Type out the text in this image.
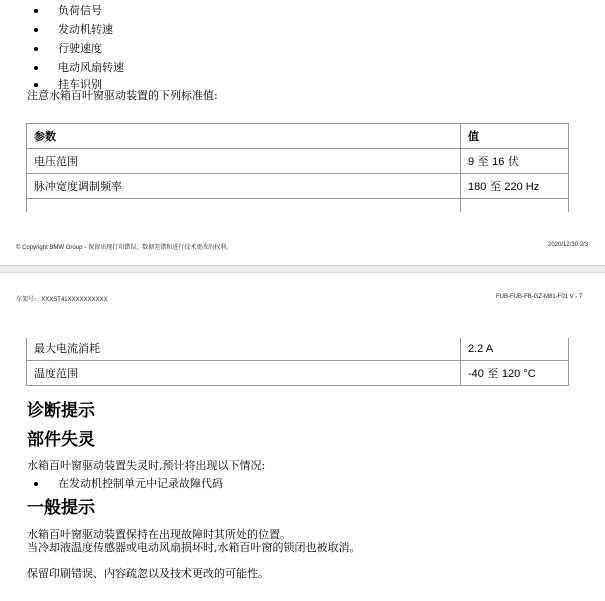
负荷信号
发动机转速
行驶速度
电动风扇转速
挂车识别
注意水箱百叶窗驱动装置的下列标准值:
参数	值
电压范围	9 至 16 伏
脉冲宽度调制频率	180 至 220 Hz

© Copyright BMW Group - 保留出现打印错误、数据差错和进行技术更改的权利。	2020/12/30 2/3
车架号: : XXXST41XXXXXXXXXX	FUB-FUB-FB-GZ-M81-F01 V - 7
最大电流消耗	2.2 A
温度范围	-40 至 120 °C
诊断提示
部件失灵
水箱百叶窗驱动装置失灵时,预计将出现以下情况:
在发动机控制单元中记录故障代码
一般提示
水箱百叶窗驱动装置保持在出现故障时其所处的位置。
当冷却液温度传感器或电动风扇损坏时,水箱百叶窗的锁闭也被取消。
保留印刷错误、内容疏忽以及技术更改的可能性。
